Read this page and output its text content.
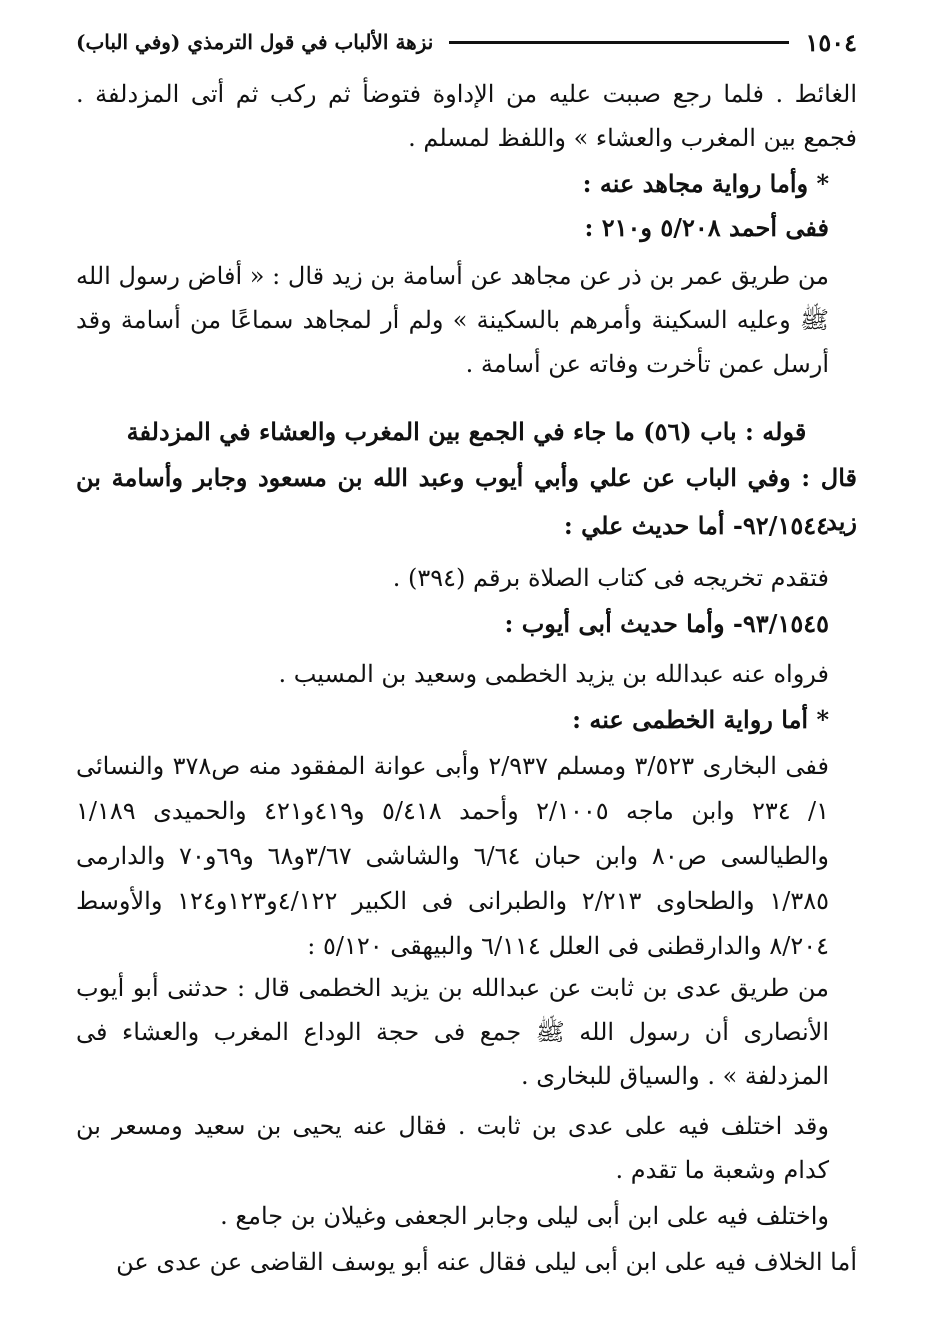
١٥٠٤
نزهة الألباب في قول الترمذي (وفي الباب)

الغائط . فلما رجع صببت عليه من الإداوة فتوضأ ثم ركب ثم أتى المزدلفة . فجمع بين المغرب والعشاء » واللفظ لمسلم .

* وأما رواية مجاهد عنه :

ففى أحمد ٥/٢٠٨ و٢١٠ :

من طريق عمر بن ذر عن مجاهد عن أسامة بن زيد قال : « أفاض رسول الله ﷺ وعليه السكينة وأمرهم بالسكينة » ولم أر لمجاهد سماعًا من أسامة وقد أرسل عمن تأخرت وفاته عن أسامة .

قوله : باب (٥٦) ما جاء في الجمع بين المغرب والعشاء في المزدلفة

قال : وفي الباب عن علي وأبي أيوب وعبد الله بن مسعود وجابر وأسامة بن زيد

٩٢/١٥٤٤- أما حديث علي :

فتقدم تخريجه فى كتاب الصلاة برقم (٣٩٤) .

٩٣/١٥٤٥- وأما حديث أبى أيوب :

فرواه عنه عبدالله بن يزيد الخطمى وسعيد بن المسيب .

* أما رواية الخطمى عنه :

ففى البخارى ٣/٥٢٣ ومسلم ٢/٩٣٧ وأبى عوانة المفقود منه ص٣٧٨ والنسائى ١/ ٢٣٤ وابن ماجه ٢/١٠٠٥ وأحمد ٥/٤١٨ و٤١٩و٤٢١ والحميدى ١/١٨٩ والطيالسى ص٨٠ وابن حبان ٦/٦٤ والشاشى ٣/٦٧و٦٨ و٦٩و٧٠ والدارمى ١/٣٨٥ والطحاوى ٢/٢١٣ والطبرانى فى الكبير ٤/١٢٢و١٢٣و١٢٤ والأوسط ٨/٢٠٤ والدارقطنى فى العلل ٦/١١٤ والبيهقى ٥/١٢٠ :

من طريق عدى بن ثابت عن عبدالله بن يزيد الخطمى قال : حدثنى أبو أيوب الأنصارى أن رسول الله ﷺ جمع فى حجة الوداع المغرب والعشاء فى المزدلفة » . والسياق للبخارى .

وقد اختلف فيه على عدى بن ثابت . فقال عنه يحيى بن سعيد ومسعر بن كدام وشعبة ما تقدم .

واختلف فيه على ابن أبى ليلى وجابر الجعفى وغيلان بن جامع .

أما الخلاف فيه على ابن أبى ليلى فقال عنه أبو يوسف القاضى عن عدى عن
